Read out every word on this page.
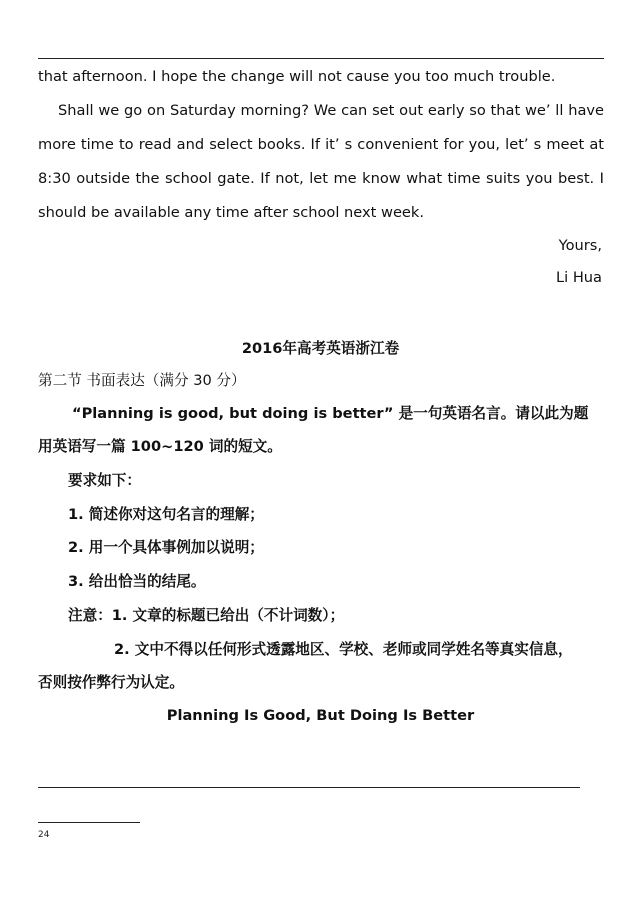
that afternoon. I hope the change will not cause you too much trouble.
Shall we go on Saturday morning? We can set out early so that we’ ll have
more time to read and select books. If it’ s convenient for you, let’ s meet at
8:30 outside the school gate. If not, let me know what time suits you best. I
should be available any time after school next week.
Yours,
Li Hua
2016年高考英语浙江卷
第二节 书面表达（满分 30 分）
“Planning is good, but doing is better” 是一句英语名言。请以此为题
用英语写一篇 100~120 词的短文。
要求如下：
1. 简述你对这句名言的理解；
2. 用一个具体事例加以说明；
3. 给出恰当的结尾。
注意：1. 文章的标题已给出（不计词数）；
2. 文中不得以任何形式透露地区、学校、老师或同学姓名等真实信息，
否则按作弊行为认定。
Planning Is Good, But Doing Is Better
24
